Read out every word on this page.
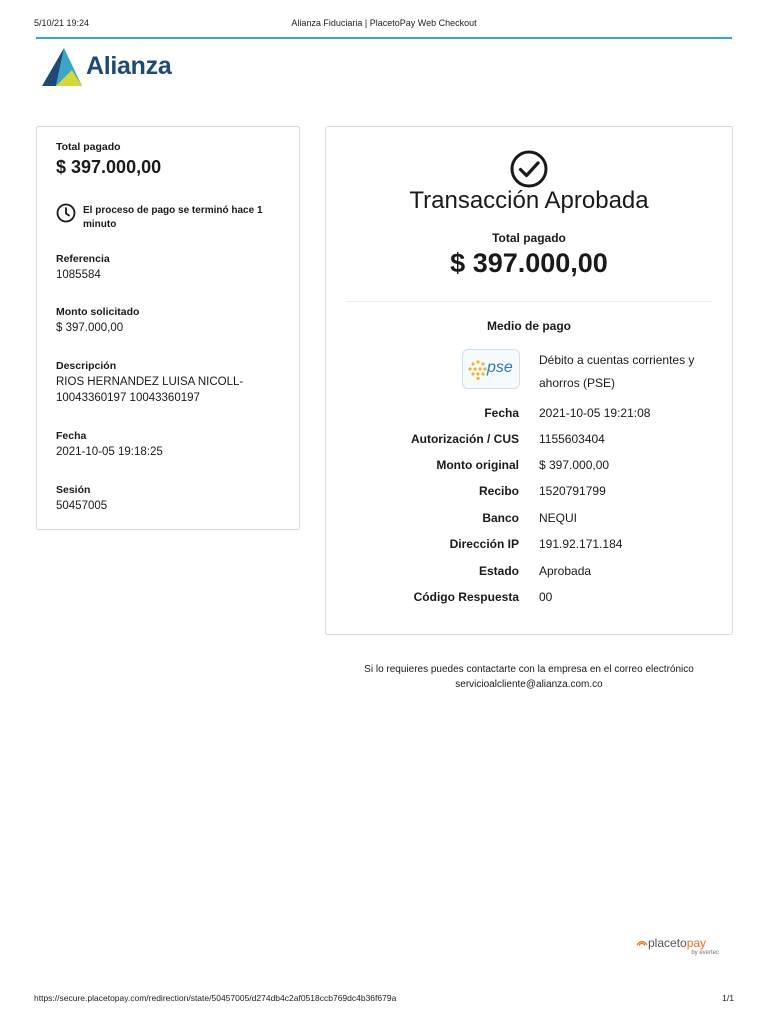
5/10/21 19:24	Alianza Fiduciaria | PlacetoPay Web Checkout
Alianza
Total pagado
$ 397.000,00
El proceso de pago se terminó hace 1 minuto
Referencia
1085584
Monto solicitado
$ 397.000,00
Descripción
RIOS HERNANDEZ LUISA NICOLL-10043360197 10043360197
Fecha
2021-10-05 19:18:25
Sesión
50457005
Transacción Aprobada
Total pagado
$ 397.000,00
Medio de pago
pse Débito a cuentas corrientes y ahorros (PSE)
Fecha 2021-10-05 19:21:08
Autorización / CUS 1155603404
Monto original $ 397.000,00
Recibo 1520791799
Banco NEQUI
Dirección IP 191.92.171.184
Estado Aprobada
Código Respuesta 00
Si lo requieres puedes contactarte con la empresa en el correo electrónico
servicioalcliente@alianza.com.co
placetopay
by evertec
https://secure.placetopay.com/redirection/state/50457005/d274db4c2af0518ccb769dc4b36f679a	1/1
